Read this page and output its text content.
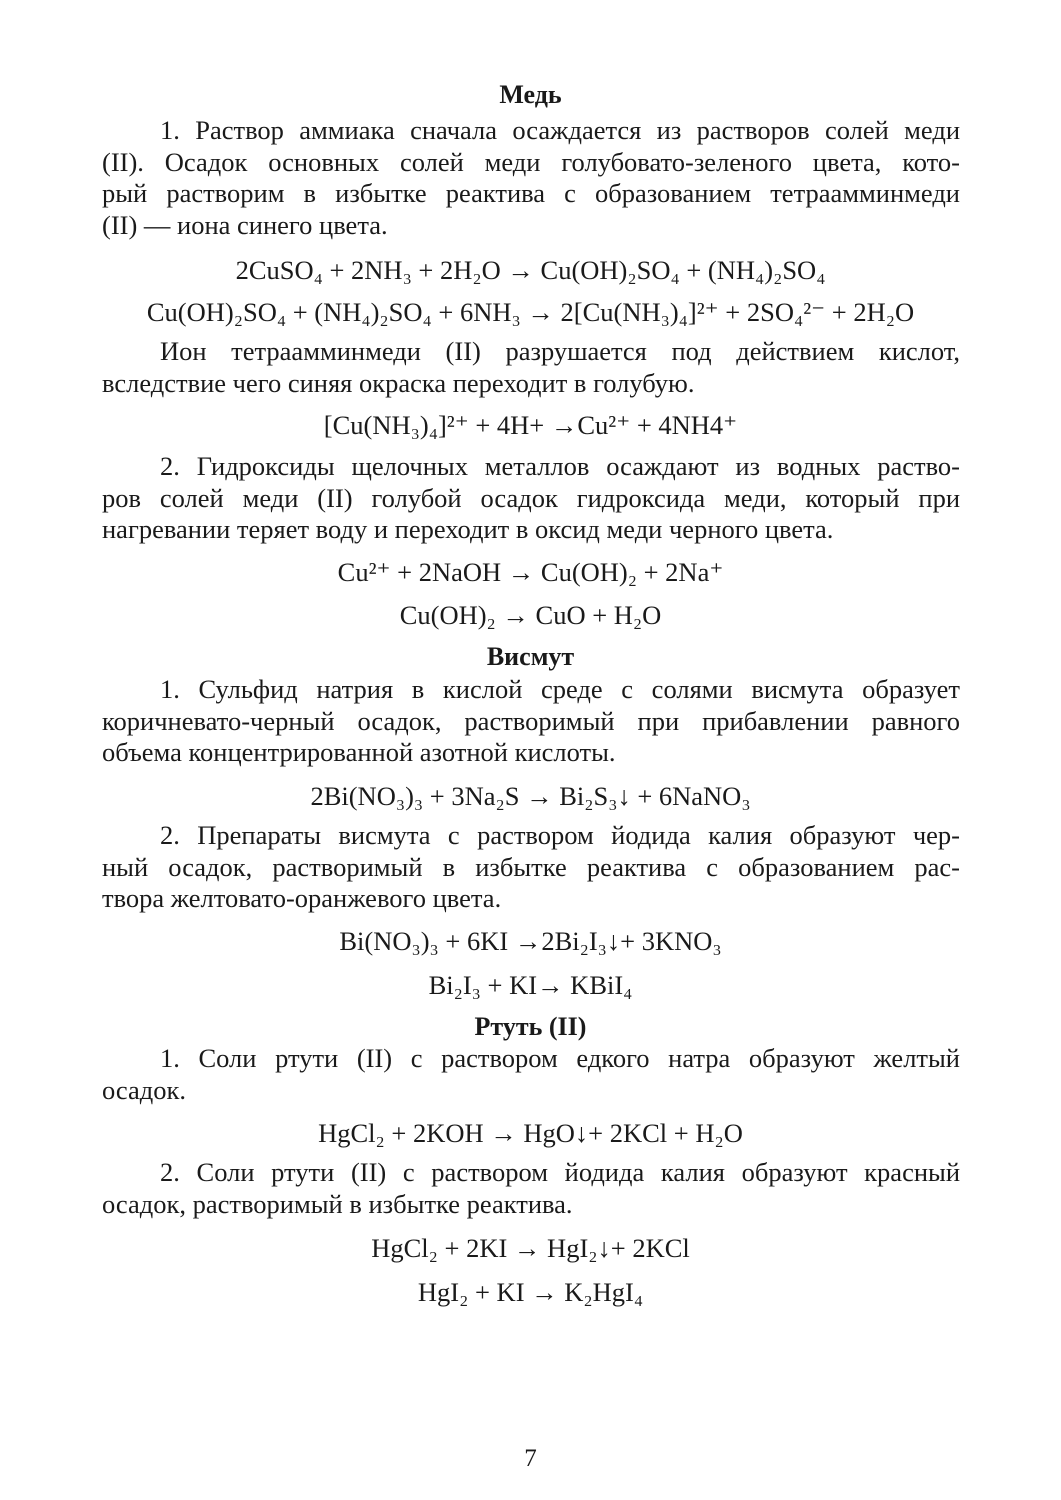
Медь

1. Раствор аммиака сначала осаждается из растворов солей меди
(II). Осадок основных солей меди голубовато-зеленого цвета, кото-
рый растворим в избытке реактива с образованием тетраамминмеди
(II) — иона синего цвета.

2CuSO₄ + 2NH₃ + 2H₂O → Cu(OH)₂SO₄ + (NH₄)₂SO₄
Cu(OH)₂SO₄ + (NH₄)₂SO₄ + 6NH₃ → 2[Cu(NH₃)₄]²⁺ + 2SO₄²⁻ + 2H₂O

Ион тетраамминмеди (II) разрушается под действием кислот,
вследствие чего синяя окраска переходит в голубую.

[Cu(NH₃)₄]²⁺ + 4H+ →Cu²⁺ + 4NH4⁺

2. Гидроксиды щелочных металлов осаждают из водных раство-
ров солей меди (II) голубой осадок гидроксида меди, который при
нагревании теряет воду и переходит в оксид меди черного цвета.

Cu²⁺ + 2NaOH → Cu(OH)₂ + 2Na⁺
Cu(OH)₂ → CuO + H₂O
Висмут

1. Сульфид натрия в кислой среде с солями висмута образует
коричневато-черный осадок, растворимый при прибавлении равного
объема концентрированной азотной кислоты.

2Bi(NO₃)₃ + 3Na₂S → Bi₂S₃↓ + 6NaNO₃

2. Препараты висмута с раствором йодида калия образуют чер-
ный осадок, растворимый в избытке реактива с образованием рас-
твора желтовато-оранжевого цвета.

Bi(NO₃)₃ + 6KI →2Bi₂I₃↓+ 3KNO₃
Bi₂I₃ + KI→ KBiI₄
Ртуть (II)

1. Соли ртути (II) с раствором едкого натра образуют желтый
осадок.

HgCl₂ + 2KOH → HgO↓+ 2KCl + H₂O

2. Соли ртути (II) с раствором йодида калия образуют красный
осадок, растворимый в избытке реактива.

HgCl₂ + 2KI → HgI₂↓+ 2KCl
HgI₂ + KI → K₂HgI₄
7
